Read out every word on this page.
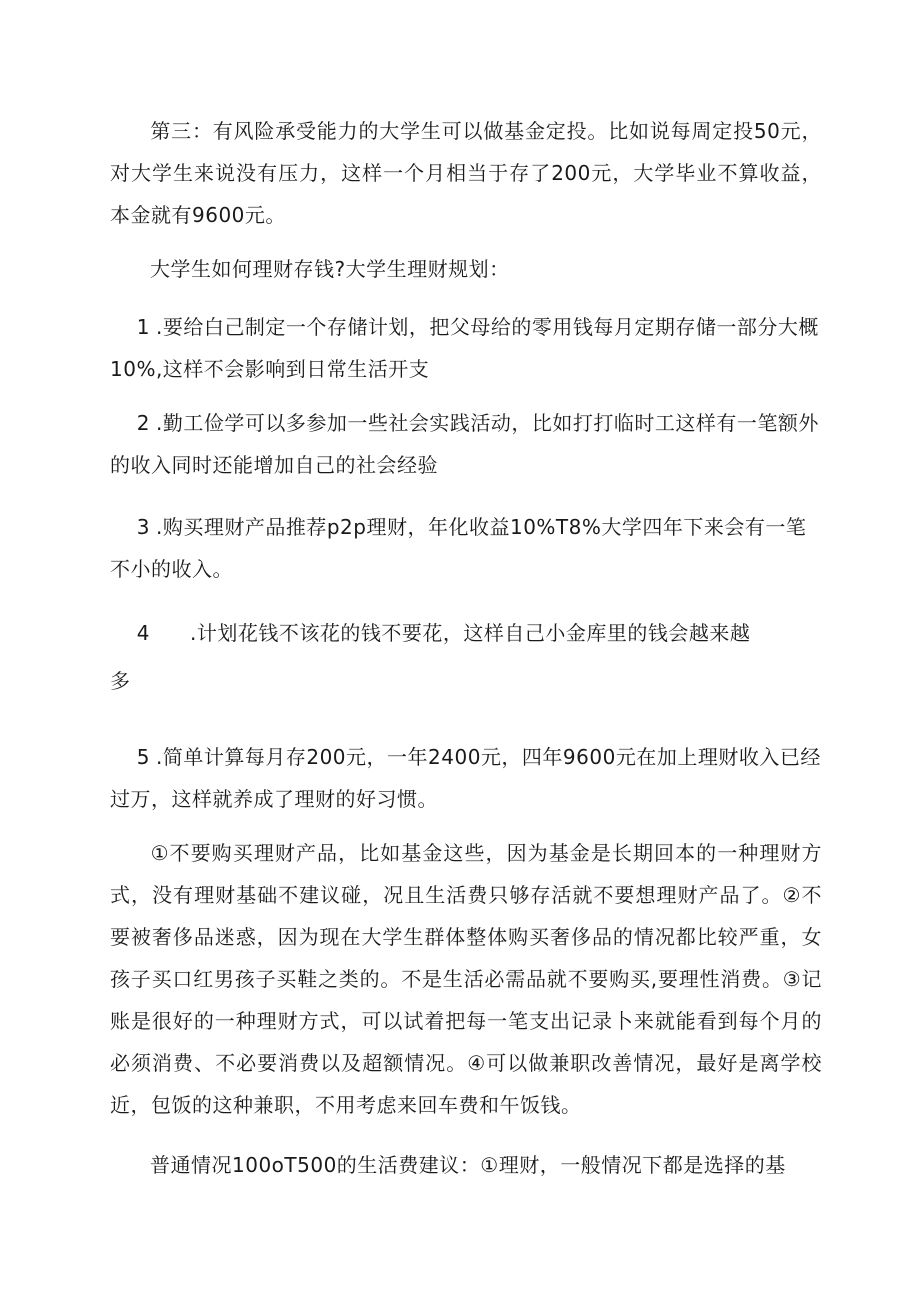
第三：有风险承受能力的大学生可以做基金定投。比如说每周定投50元，对大学生来说没有压力，这样一个月相当于存了200元，大学毕业不算收益，本金就有9600元。

大学生如何理财存钱?大学生理财规划：

1 .要给白己制定一个存储计划，把父母给的零用钱每月定期存储一部分大概10%,这样不会影响到日常生活开支

2 .勤工俭学可以多参加一些社会实践活动，比如打打临时工这样有一笔额外的收入同时还能增加自己的社会经验

3 .购买理财产品推荐p2p理财，年化收益10%T8%大学四年下来会有一笔不小的收入。

4 .计划花钱不该花的钱不要花，这样自己小金库里的钱会越来越
多

5 .简单计算每月存200元，一年2400元，四年9600元在加上理财收入已经过万，这样就养成了理财的好习惯。

①不要购买理财产品，比如基金这些，因为基金是长期回本的一种理财方式，没有理财基础不建议碰，况且生活费只够存活就不要想理财产品了。②不要被奢侈品迷惑，因为现在大学生群体整体购买奢侈品的情况都比较严重，女孩子买口红男孩子买鞋之类的。不是生活必需品就不要购买,要理性消费。③记账是很好的一种理财方式，可以试着把每一笔支出记录卜来就能看到每个月的必须消费、不必要消费以及超额情况。④可以做兼职改善情况，最好是离学校近，包饭的这种兼职，不用考虑来回车费和午饭钱。

普通情况100oT500的生活费建议：①理财，一般情况下都是选择的基
